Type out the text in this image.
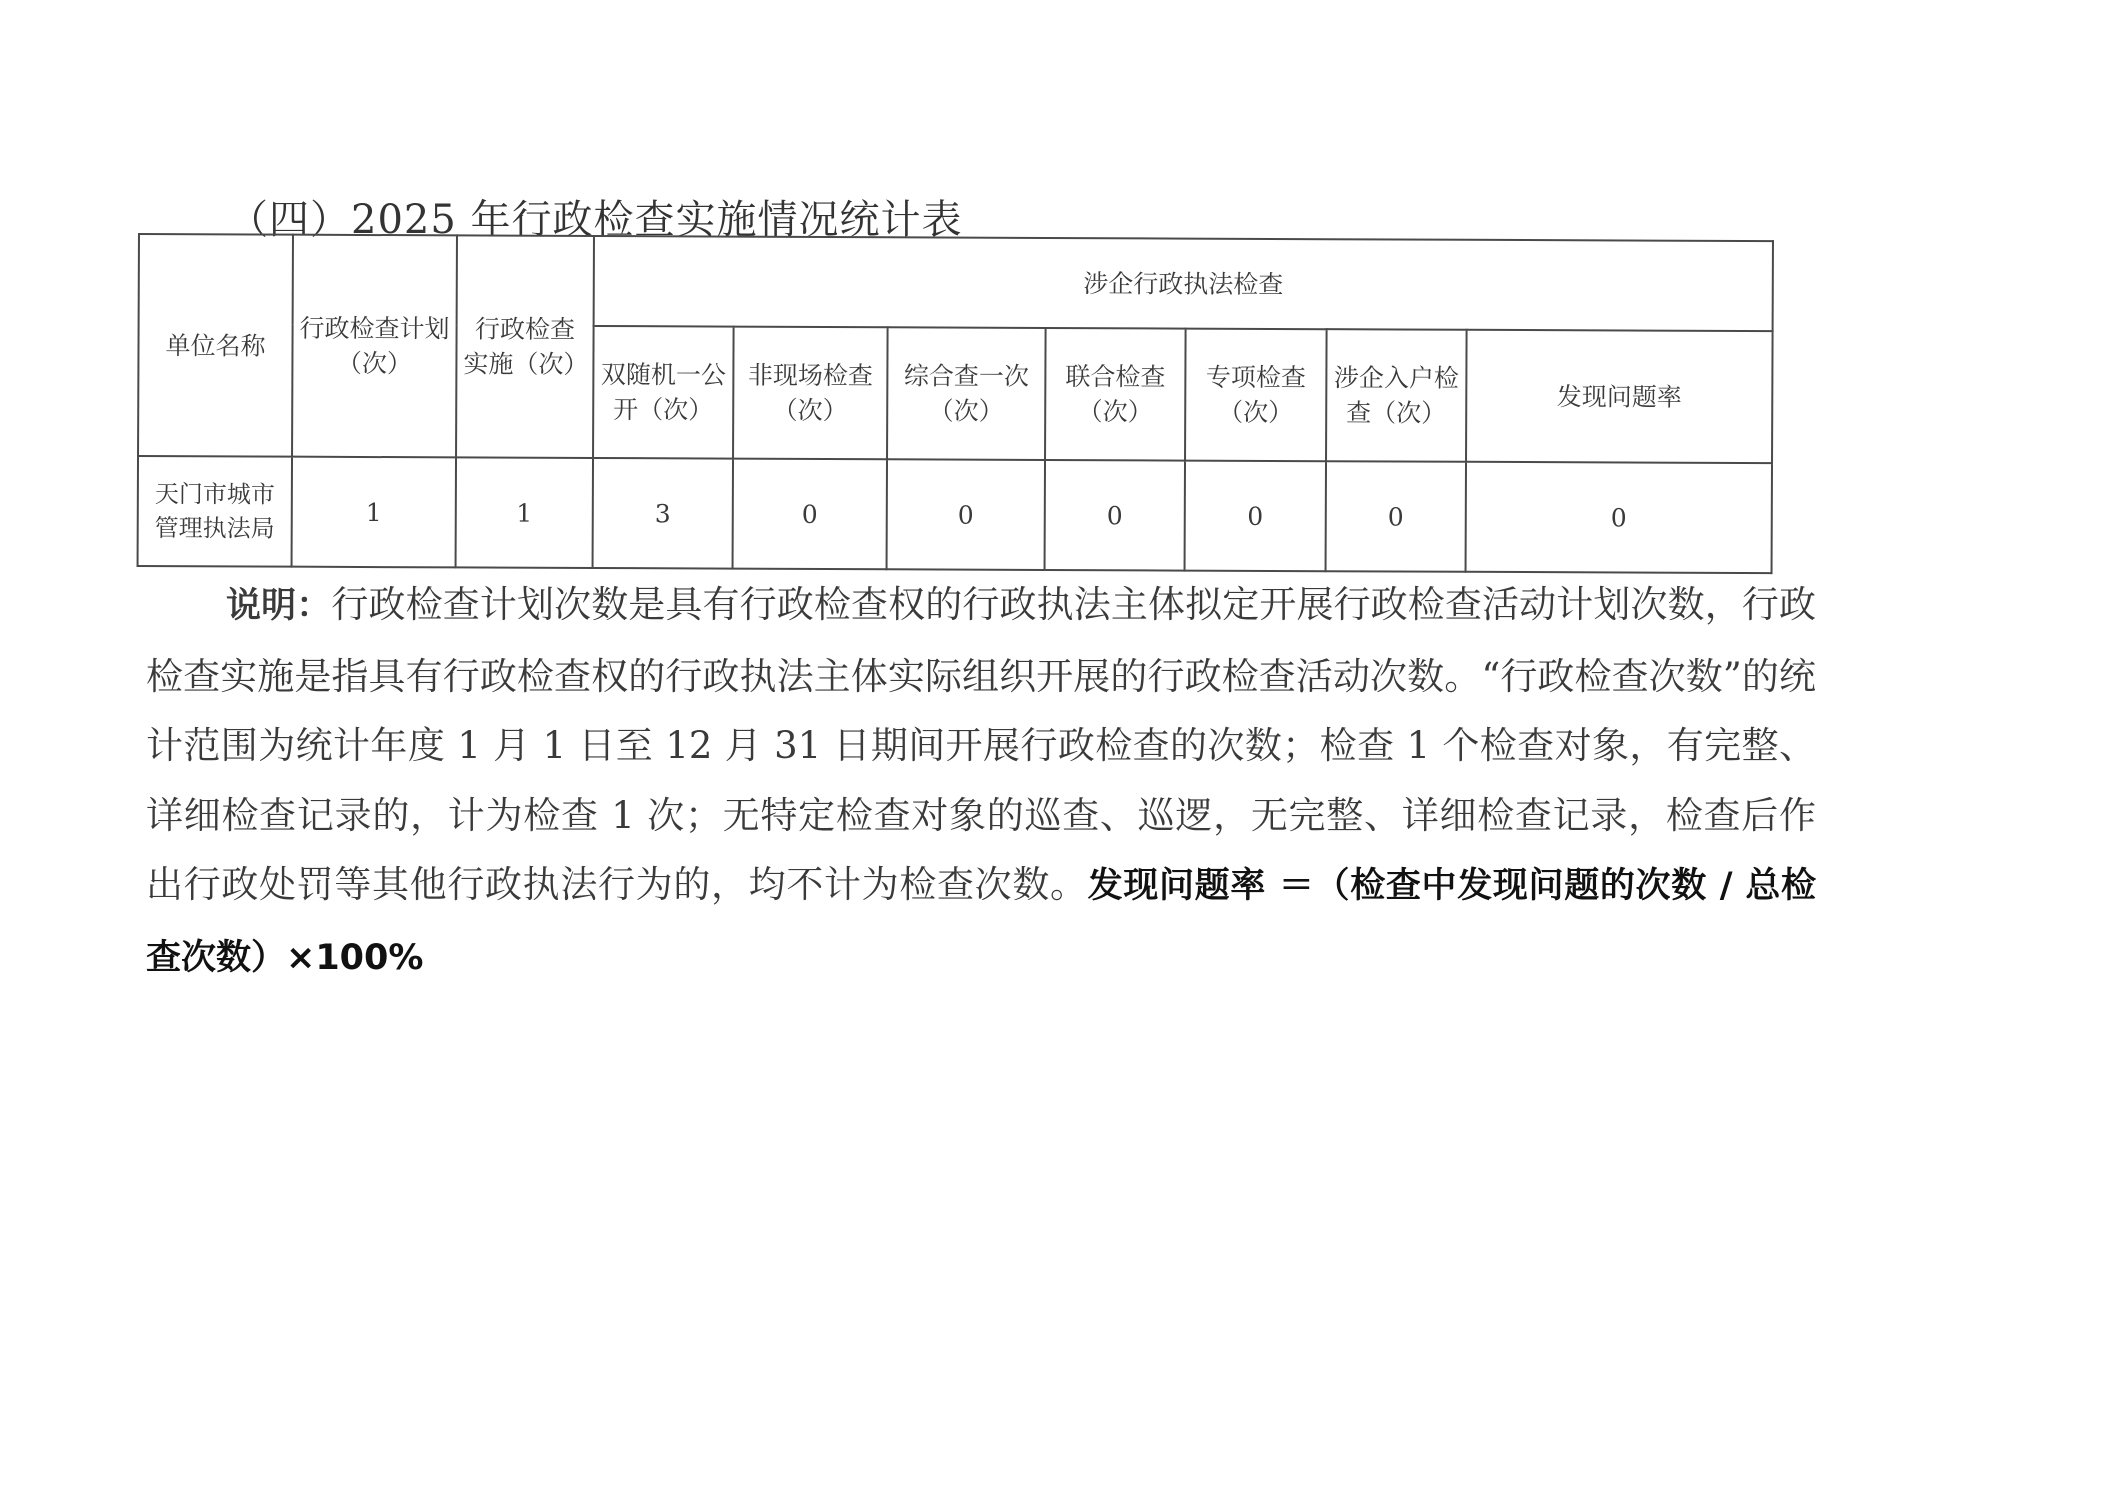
（四）2025 年行政检查实施情况统计表
单位名称	行政检查计划（次）	行政检查实施（次）	涉企行政执法检查						
			双随机一公开（次）	非现场检查（次）	综合查一次（次）	联合检查（次）	专项检查（次）	涉企入户检查（次）	发现问题率
天门市城市管理执法局	1	1	3	0	0	0	0	0	0
说明：行政检查计划次数是具有行政检查权的行政执法主体拟定开展行政检查活动计划次数，行政检查实施是指具有行政检查权的行政执法主体实际组织开展的行政检查活动次数。“行政检查次数”的统计范围为统计年度 1 月 1 日至 12 月 31 日期间开展行政检查的次数；检查 1 个检查对象，有完整、详细检查记录的，计为检查 1 次；无特定检查对象的巡查、巡逻，无完整、详细检查记录，检查后作出行政处罚等其他行政执法行为的，均不计为检查次数。发现问题率 ＝（检查中发现问题的次数 / 总检查次数）×100%
